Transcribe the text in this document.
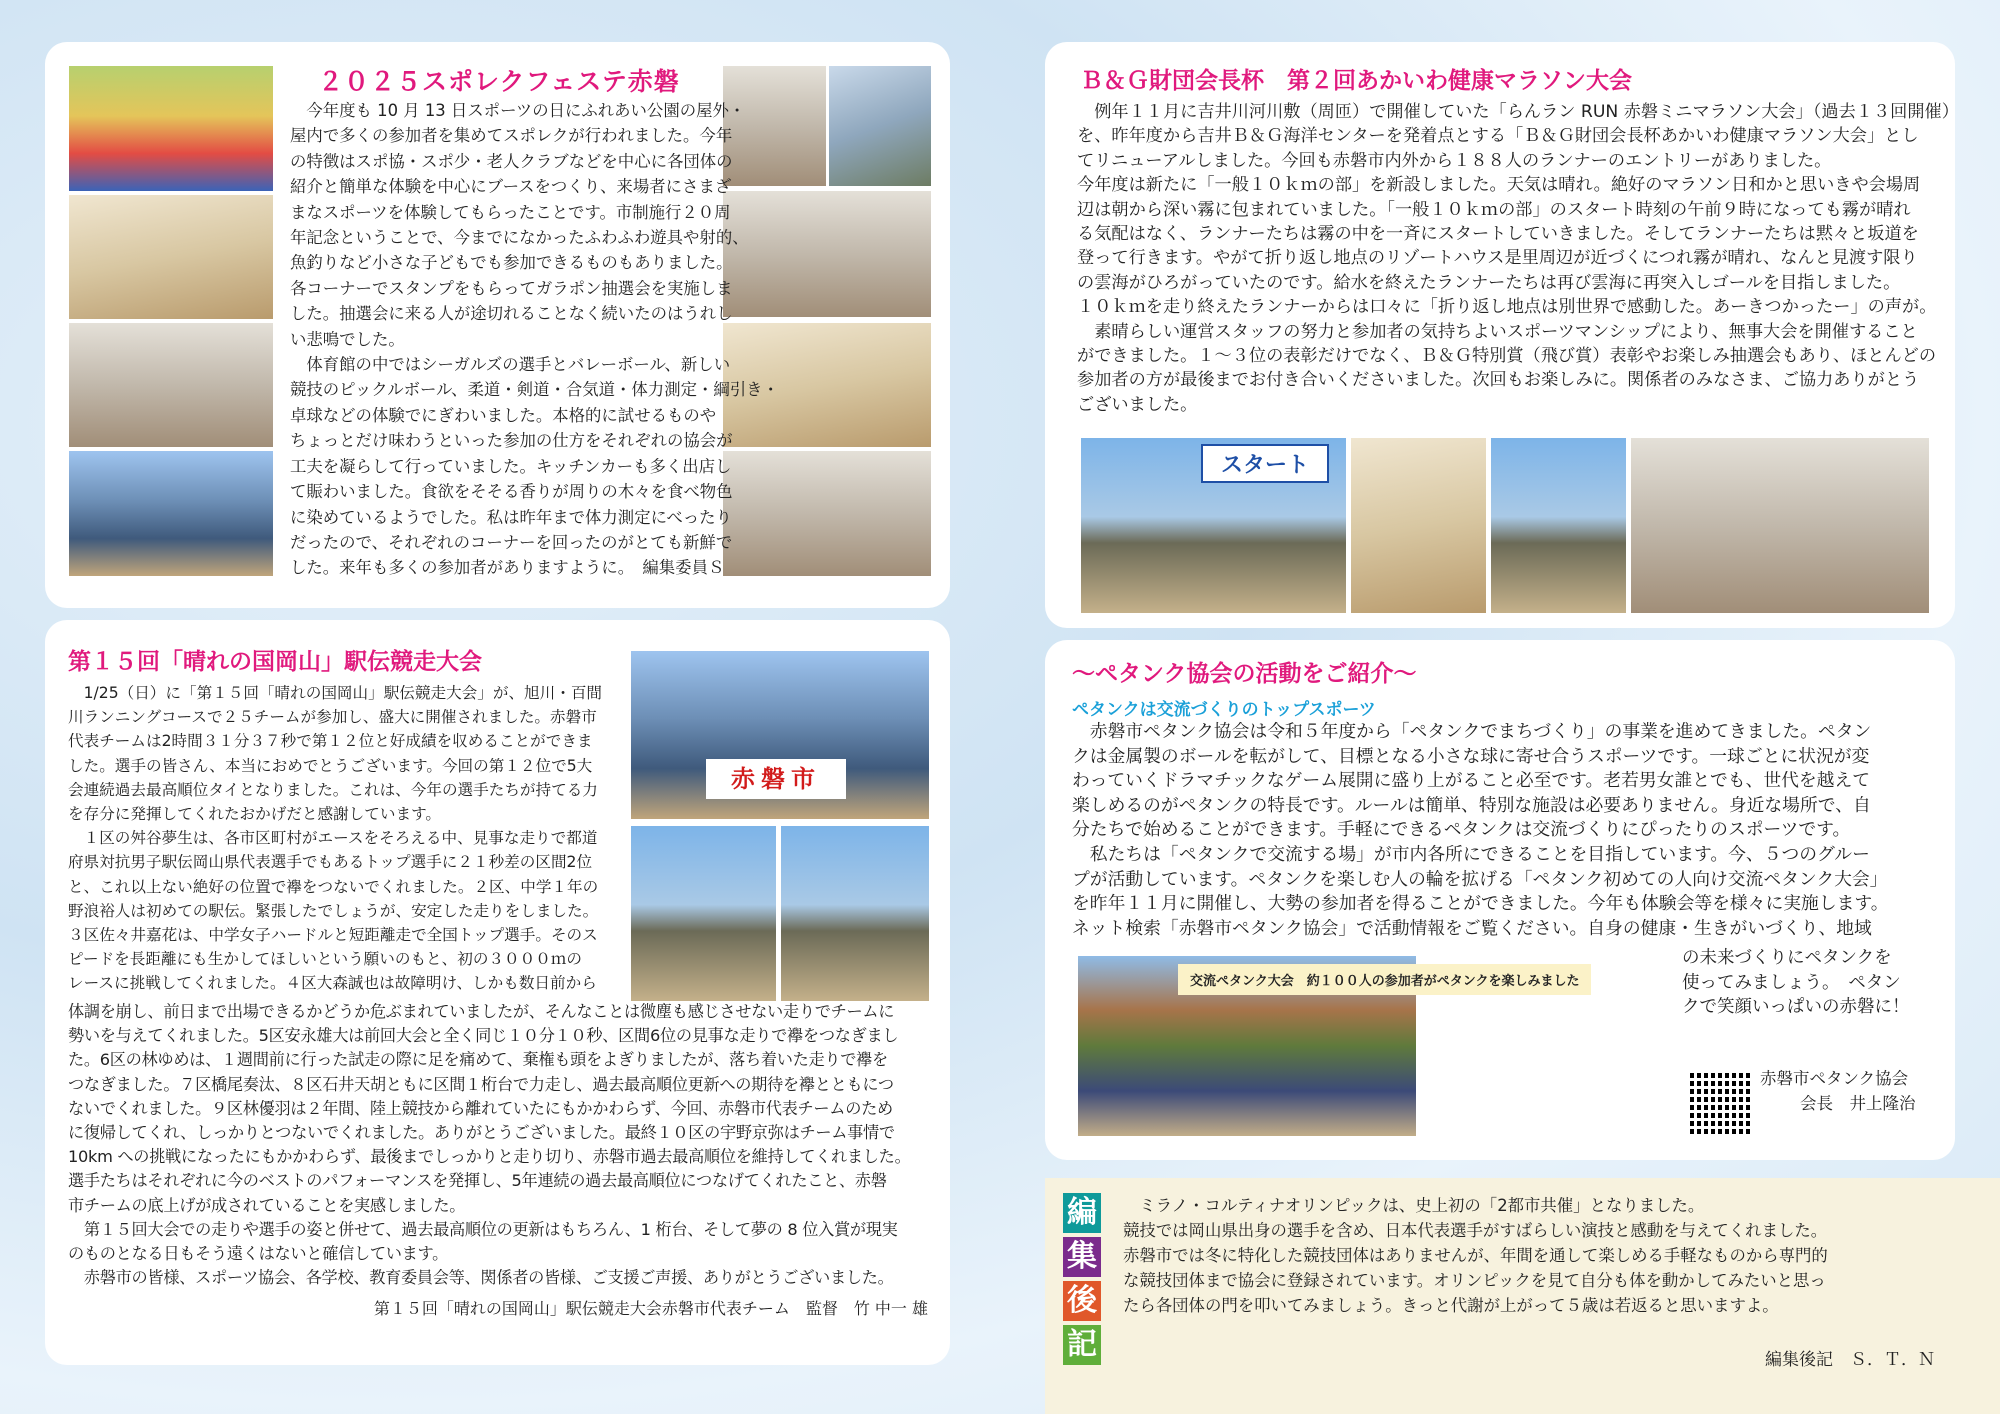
２０２５スポレクフェステ赤磐
　今年度も 10 月 13 日スポーツの日にふれあい公園の屋外・
屋内で多くの参加者を集めてスポレクが行われました。今年
の特徴はスポ協・スポ少・老人クラブなどを中心に各団体の
紹介と簡単な体験を中心にブースをつくり、来場者にさまざ
まなスポーツを体験してもらったことです。市制施行２０周
年記念ということで、今までになかったふわふわ遊具や射的、
魚釣りなど小さな子どもでも参加できるものもありました。
各コーナーでスタンプをもらってガラポン抽選会を実施しま
した。抽選会に来る人が途切れることなく続いたのはうれし
い悲鳴でした。
　体育館の中ではシーガルズの選手とバレーボール、新しい
競技のピックルボール、柔道・剣道・合気道・体力測定・綱引き・
卓球などの体験でにぎわいました。本格的に試せるものや
ちょっとだけ味わうといった参加の仕方をそれぞれの協会が
工夫を凝らして行っていました。キッチンカーも多く出店し
て賑わいました。食欲をそそる香りが周りの木々を食べ物色
に染めているようでした。私は昨年まで体力測定にべったり
だったので、それぞれのコーナーを回ったのがとても新鮮で
した。来年も多くの参加者がありますように。　編集委員Ｓ
Ｂ＆Ｇ財団会長杯　第２回あかいわ健康マラソン大会
　例年１１月に吉井川河川敷（周匝）で開催していた「らんラン RUN 赤磐ミニマラソン大会」（過去１３回開催）
を、昨年度から吉井Ｂ＆Ｇ海洋センターを発着点とする「Ｂ＆Ｇ財団会長杯あかいわ健康マラソン大会」とし
てリニューアルしました。今回も赤磐市内外から１８８人のランナーのエントリーがありました。
今年度は新たに「一般１０ｋｍの部」を新設しました。天気は晴れ。絶好のマラソン日和かと思いきや会場周
辺は朝から深い霧に包まれていました。「一般１０ｋｍの部」のスタート時刻の午前９時になっても霧が晴れ
る気配はなく、ランナーたちは霧の中を一斉にスタートしていきました。そしてランナーたちは黙々と坂道を
登って行きます。やがて折り返し地点のリゾートハウス是里周辺が近づくにつれ霧が晴れ、なんと見渡す限り
の雲海がひろがっていたのです。給水を終えたランナーたちは再び雲海に再突入しゴールを目指しました。
１０ｋｍを走り終えたランナーからは口々に「折り返し地点は別世界で感動した。あーきつかったー」の声が。
　素晴らしい運営スタッフの努力と参加者の気持ちよいスポーツマンシップにより、無事大会を開催すること
ができました。１～３位の表彰だけでなく、Ｂ＆Ｇ特別賞（飛び賞）表彰やお楽しみ抽選会もあり、ほとんどの
参加者の方が最後までお付き合いくださいました。次回もお楽しみに。関係者のみなさま、ご協力ありがとう
ございました。
スタート
第１５回「晴れの国岡山」駅伝競走大会
赤磐市
　1/25（日）に「第１５回「晴れの国岡山」駅伝競走大会」が、旭川・百間
川ランニングコースで２５チームが参加し、盛大に開催されました。赤磐市
代表チームは2時間３１分３７秒で第１２位と好成績を収めることができま
した。選手の皆さん、本当におめでとうございます。今回の第１２位で5大
会連続過去最高順位タイとなりました。これは、今年の選手たちが持てる力
を存分に発揮してくれたおかげだと感謝しています。
　１区の舛谷夢生は、各市区町村がエースをそろえる中、見事な走りで都道
府県対抗男子駅伝岡山県代表選手でもあるトップ選手に２１秒差の区間2位
と、これ以上ない絶好の位置で襷をつないでくれました。２区、中学１年の
野浪裕人は初めての駅伝。緊張したでしょうが、安定した走りをしました。
３区佐々井嘉花は、中学女子ハードルと短距離走で全国トップ選手。そのス
ピードを長距離にも生かしてほしいという願いのもと、初の３０００ｍの
レースに挑戦してくれました。４区大森誠也は故障明け、しかも数日前から
体調を崩し、前日まで出場できるかどうか危ぶまれていましたが、そんなことは微塵も感じさせない走りでチームに
勢いを与えてくれました。5区安永雄大は前回大会と全く同じ１０分１０秒、区間6位の見事な走りで襷をつなぎまし
た。6区の林ゆめは、１週間前に行った試走の際に足を痛めて、棄権も頭をよぎりましたが、落ち着いた走りで襷を
つなぎました。７区橋尾奏汰、８区石井天胡ともに区間１桁台で力走し、過去最高順位更新への期待を襷とともにつ
ないでくれました。９区林優羽は２年間、陸上競技から離れていたにもかかわらず、今回、赤磐市代表チームのため
に復帰してくれ、しっかりとつないでくれました。ありがとうございました。最終１０区の宇野京弥はチーム事情で
10km への挑戦になったにもかかわらず、最後までしっかりと走り切り、赤磐市過去最高順位を維持してくれました。
選手たちはそれぞれに今のベストのパフォーマンスを発揮し、5年連続の過去最高順位につなげてくれたこと、赤磐
市チームの底上げが成されていることを実感しました。
　第１５回大会での走りや選手の姿と併せて、過去最高順位の更新はもちろん、1 桁台、そして夢の 8 位入賞が現実
のものとなる日もそう遠くはないと確信しています。
　赤磐市の皆様、スポーツ協会、各学校、教育委員会等、関係者の皆様、ご支援ご声援、ありがとうございました。
第１５回「晴れの国岡山」駅伝競走大会赤磐市代表チーム　監督　竹 中一 雄
～ペタンク協会の活動をご紹介～
ペタンクは交流づくりのトップスポーツ
　赤磐市ペタンク協会は令和５年度から「ペタンクでまちづくり」の事業を進めてきました。ペタン
クは金属製のボールを転がして、目標となる小さな球に寄せ合うスポーツです。一球ごとに状況が変
わっていくドラマチックなゲーム展開に盛り上がること必至です。老若男女誰とでも、世代を越えて
楽しめるのがペタンクの特長です。ルールは簡単、特別な施設は必要ありません。身近な場所で、自
分たちで始めることができます。手軽にできるペタンクは交流づくりにぴったりのスポーツです。
　私たちは「ペタンクで交流する場」が市内各所にできることを目指しています。今、５つのグルー
プが活動しています。ペタンクを楽しむ人の輪を拡げる「ペタンク初めての人向け交流ペタンク大会」
を昨年１１月に開催し、大勢の参加者を得ることができました。今年も体験会等を様々に実施します。
ネット検索「赤磐市ペタンク協会」で活動情報をご覧ください。自身の健康・生きがいづくり、地域
交流ペタンク大会　約１００人の参加者がペタンクを楽しみました
の未来づくりにペタンクを
使ってみましょう。　ペタン
クで笑顔いっぱいの赤磐に！
赤磐市ペタンク協会
会長　井上隆治
編
集
後
記
　ミラノ・コルティナオリンピックは、史上初の「2都市共催」となりました。
競技では岡山県出身の選手を含め、日本代表選手がすばらしい演技と感動を与えてくれました。
赤磐市では冬に特化した競技団体はありませんが、年間を通して楽しめる手軽なものから専門的
な競技団体まで協会に登録されています。オリンピックを見て自分も体を動かしてみたいと思っ
たら各団体の門を叩いてみましょう。きっと代謝が上がって５歳は若返ると思いますよ。
編集後記　Ｓ．Ｔ．Ｎ
